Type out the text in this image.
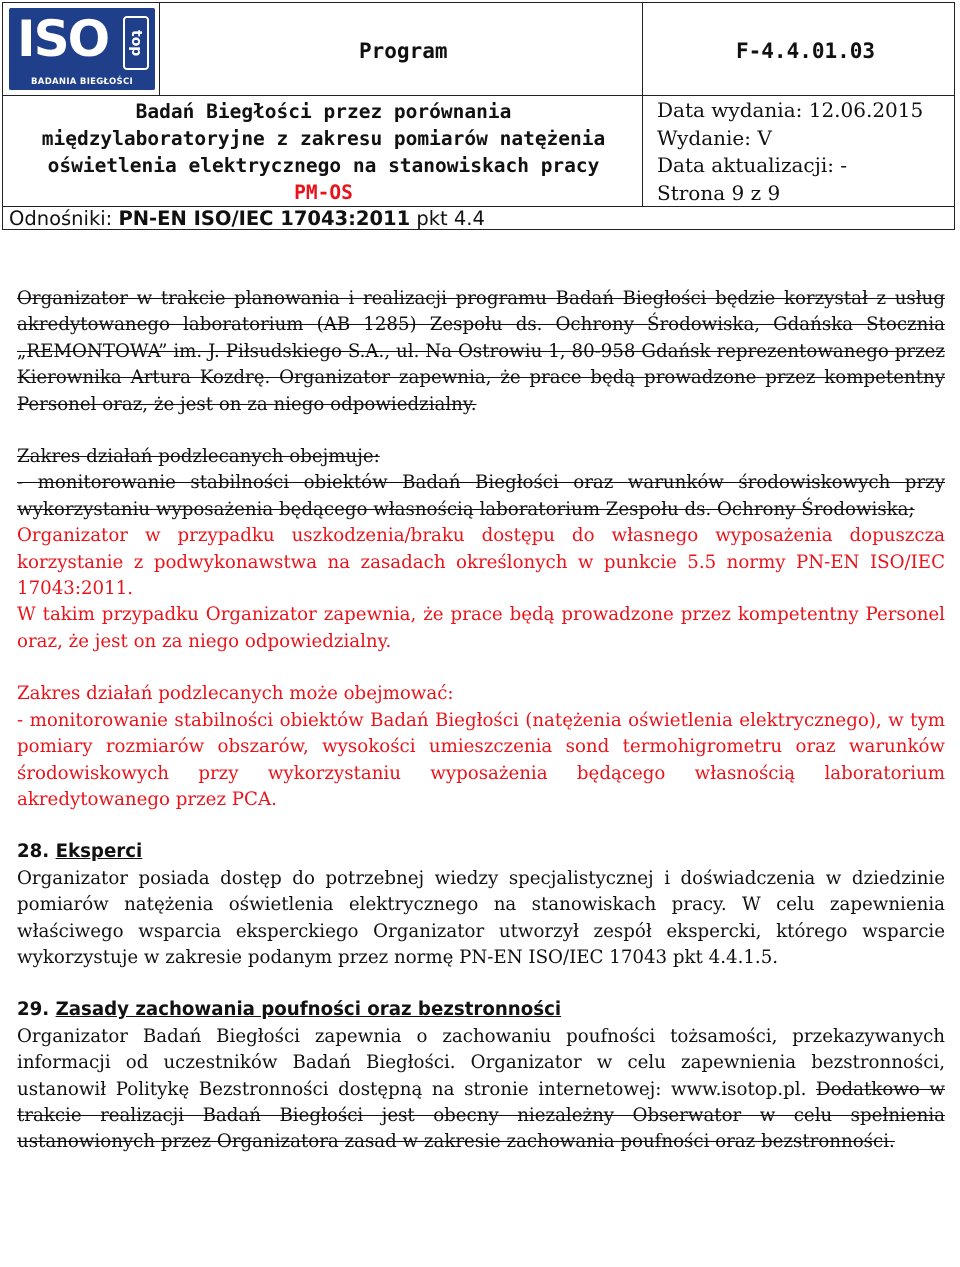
ISO	top
BADANIA BIEGŁOŚCI
Program	F-4.4.01.03
Badań Biegłości przez porównania
międzylaboratoryjne z zakresu pomiarów natężenia
oświetlenia elektrycznego na stanowiskach pracy
PM-OS
Data wydania: 12.06.2015
Wydanie: V
Data aktualizacji: -
Strona 9 z 9
Odnośniki: PN-EN ISO/IEC 17043:2011 pkt 4.4

Organizator w trakcie planowania i realizacji programu Badań Biegłości będzie korzystał z usług akredytowanego laboratorium (AB 1285) Zespołu ds. Ochrony Środowiska, Gdańska Stocznia „REMONTOWA” im. J. Piłsudskiego S.A., ul. Na Ostrowiu 1, 80-958 Gdańsk reprezentowanego przez Kierownika Artura Kozdrę. Organizator zapewnia, że prace będą prowadzone przez kompetentny Personel oraz, że jest on za niego odpowiedzialny.

Zakres działań podzlecanych obejmuje:

- monitorowanie stabilności obiektów Badań Biegłości oraz warunków środowiskowych przy wykorzystaniu wyposażenia będącego własnością laboratorium Zespołu ds. Ochrony Środowiska;

Organizator w przypadku uszkodzenia/braku dostępu do własnego wyposażenia dopuszcza korzystanie z podwykonawstwa na zasadach określonych w punkcie 5.5 normy PN-EN ISO/IEC 17043:2011.

W takim przypadku Organizator zapewnia, że prace będą prowadzone przez kompetentny Personel oraz, że jest on za niego odpowiedzialny.

Zakres działań podzlecanych może obejmować:

- monitorowanie stabilności obiektów Badań Biegłości (natężenia oświetlenia elektrycznego), w tym pomiary rozmiarów obszarów, wysokości umieszczenia sond termohigrometru oraz warunków środowiskowych przy wykorzystaniu wyposażenia będącego własnością laboratorium akredytowanego przez PCA.

28. Eksperci

Organizator posiada dostęp do potrzebnej wiedzy specjalistycznej i doświadczenia w dziedzinie pomiarów natężenia oświetlenia elektrycznego na stanowiskach pracy. W celu zapewnienia właściwego wsparcia eksperckiego Organizator utworzył zespół ekspercki, którego wsparcie wykorzystuje w zakresie podanym przez normę PN-EN ISO/IEC 17043 pkt 4.4.1.5.

29. Zasady zachowania poufności oraz bezstronności

Organizator Badań Biegłości zapewnia o zachowaniu poufności tożsamości, przekazywanych informacji od uczestników Badań Biegłości. Organizator w celu zapewnienia bezstronności, ustanowił Politykę Bezstronności dostępną na stronie internetowej: www.isotop.pl. Dodatkowo w trakcie realizacji Badań Biegłości jest obecny niezależny Obserwator w celu spełnienia ustanowionych przez Organizatora zasad w zakresie zachowania poufności oraz bezstronności.
